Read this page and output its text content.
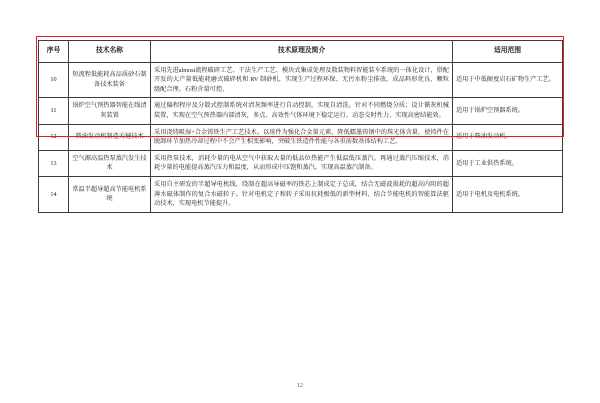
序号	技术名称	技术原理及简介	适用范围
10	短流程低能耗高品质砂石制备技术装备	采用先进almost流程破碎工艺、干法生产工艺、模块式集成处理及散装物料智能装车系统的一体化设计，搭配开发的大产量低能耗磨式破碎机和 RV 制砂机，实现生产过程环保、无污水粉尘排放，成品料形优良、颗粒级配合理。石粉含量可控。	适用于中低硬度岩石矿物生产工艺。
11	锅炉空气预热器智能在线清灰装置	通过偏程程序及分散式控制系统对清灰频率进行自动控制，实现自清洗。针对不同燃烧分质；设计循灰机械装置，实现在空气预热器内部清灰，多点、高效性气体环境下稳定运行。动态交时性力、实现高密结能效。	适用于锅炉空预器系统。
12	柴油发动机制造关键技术	采用浇铸吸湿+合金铸铁生产工艺技术。以球件为强化合金量元素，降低蠕墨铸钢中的珠光体含量，使铸件在脱卸环节加热冷却过程中不会产生相变影响，突破生铁造件性能与各重前数基体结构工艺。	适用于柴油发动机。
13	空气源高温热泵蒸汽发生技术	采用热泵技术，消耗少量的电从空气中获取大量的低品位热能产生低温低压蒸汽。再通过蒸汽压缩技术，消耗少量的电能提高蒸汽压力和温度，从而形成中压饱和蒸汽，实现高温蒸汽制备。	适用于工业供热系统。
14	常温半超导超高节能电机系统	采用自主研发的半超导电机线，绕制在超高导磁率的铁芯上制成定子总成，结合无磁波损耗的超高内阻的超薄水磁体制作的复合水磁转子。针对电机定子和转子采用抗耗极低的新型材料，结合节能电机的智能算法驱动技术，实现电机节能提升。	适用于电机及电机系统。
12
